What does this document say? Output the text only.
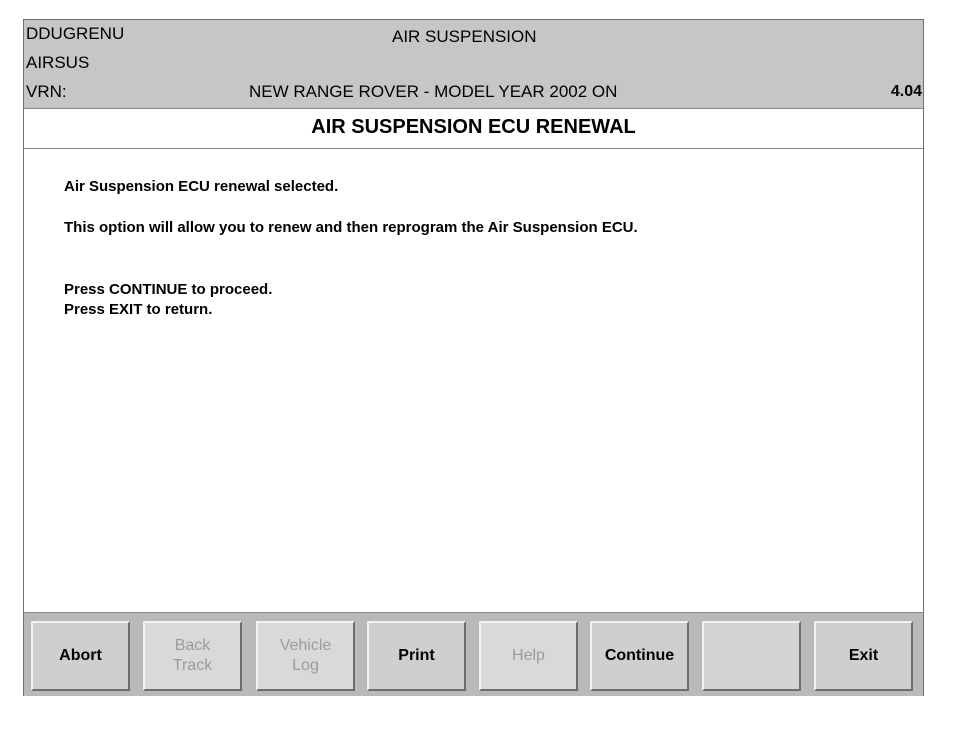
DDUGRENU	AIR SUSPENSION
AIRSUS
VRN:	NEW RANGE ROVER - MODEL YEAR 2002 ON	4.04
AIR SUSPENSION ECU RENEWAL

Air Suspension ECU renewal selected.

This option will allow you to renew and then reprogram the Air Suspension ECU.

Press CONTINUE to proceed.

Press EXIT to return.

Abort
Back
Track
Vehicle
Log
Print	Help	Continue	Exit
